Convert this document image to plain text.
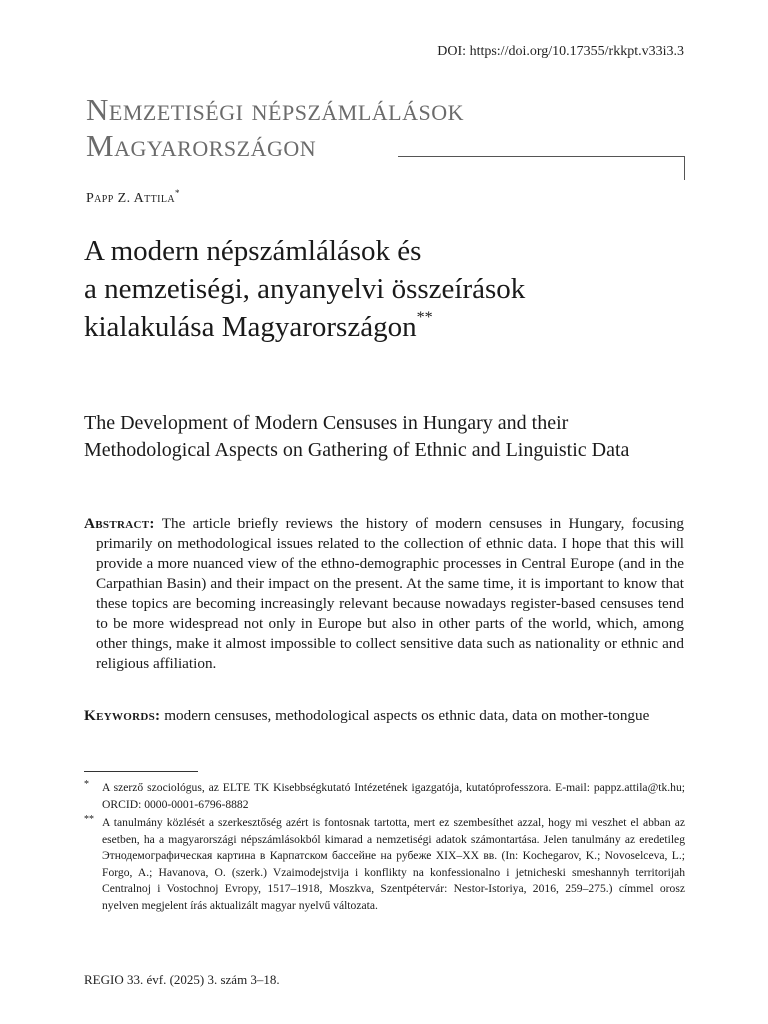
DOI: https://doi.org/10.17355/rkkpt.v33i3.3
Nemzetiségi népszámlálások
Magyarországon
Papp Z. Attila*
A modern népszámlálások és
a nemzetiségi, anyanyelvi összeírások
kialakulása Magyarországon**
The Development of Modern Censuses in Hungary and their Methodological Aspects on Gathering of Ethnic and Linguistic Data
Abstract: The article briefly reviews the history of modern censuses in Hungary, focusing primarily on methodological issues related to the collection of ethnic data. I hope that this will provide a more nuanced view of the ethno-demographic processes in Central Europe (and in the Carpathian Basin) and their impact on the present. At the same time, it is important to know that these topics are becoming increasingly relevant because nowadays register-based censuses tend to be more widespread not only in Europe but also in other parts of the world, which, among other things, make it almost impossible to collect sensitive data such as nationality or ethnic and religious affiliation.
Keywords: modern censuses, methodological aspects os ethnic data, data on mother-tongue
* A szerző szociológus, az ELTE TK Kisebbségkutató Intézetének igazgatója, kutatóprofesszora. E-mail: pappz.attila@tk.hu; ORCID: 0000-0001-6796-8882
** A tanulmány közlését a szerkesztőség azért is fontosnak tartotta, mert ez szembesíthet azzal, hogy mi veszhet el abban az esetben, ha a magyarországi népszámlásokból kimarad a nemzetiségi adatok számontartása. Jelen tanulmány az eredetileg Этнодемографическая картина в Карпатском бассейне на рубеже XIX–XX вв. (In: Kochegarov, K.; Novoselceva, L.; Forgo, A.; Havanova, O. (szerk.) Vzaimodejstvija i konflikty na konfessionalno i jetnicheski smeshannyh territorijah Centralnoj i Vostochnoj Evropy, 1517–1918, Moszkva, Szentpétervár: Nestor-Istoriya, 2016, 259–275.) címmel orosz nyelven megjelent írás aktualizált magyar nyelvű változata.
REGIO 33. évf. (2025) 3. szám 3–18.
